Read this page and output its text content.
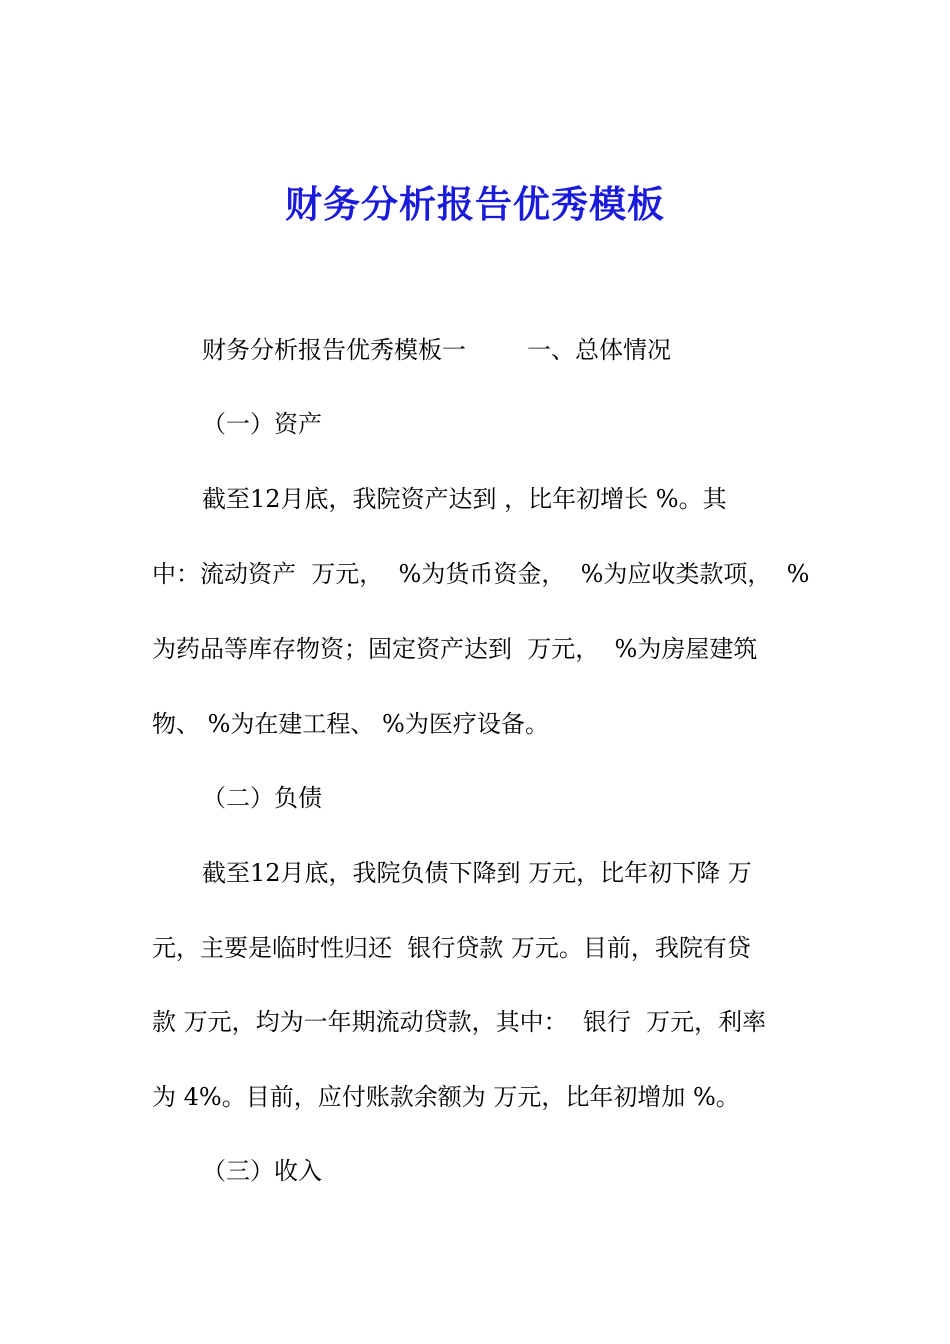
财务分析报告优秀模板
财务分析报告优秀模板一	一、总体情况
（一）资产
截至12月底，我院资产达到 ，比年初增长 %。其
中：流动资产  万元，  %为货币资金，  %为应收类款项，  %
为药品等库存物资；固定资产达到  万元，  %为房屋建筑
物、 %为在建工程、 %为医疗设备。
（二）负债
截至12月底，我院负债下降到 万元，比年初下降 万
元，主要是临时性归还  银行贷款 万元。目前，我院有贷
款 万元，均为一年期流动贷款，其中：  银行  万元，利率
为 4%。目前，应付账款余额为 万元，比年初增加 %。
（三）收入
